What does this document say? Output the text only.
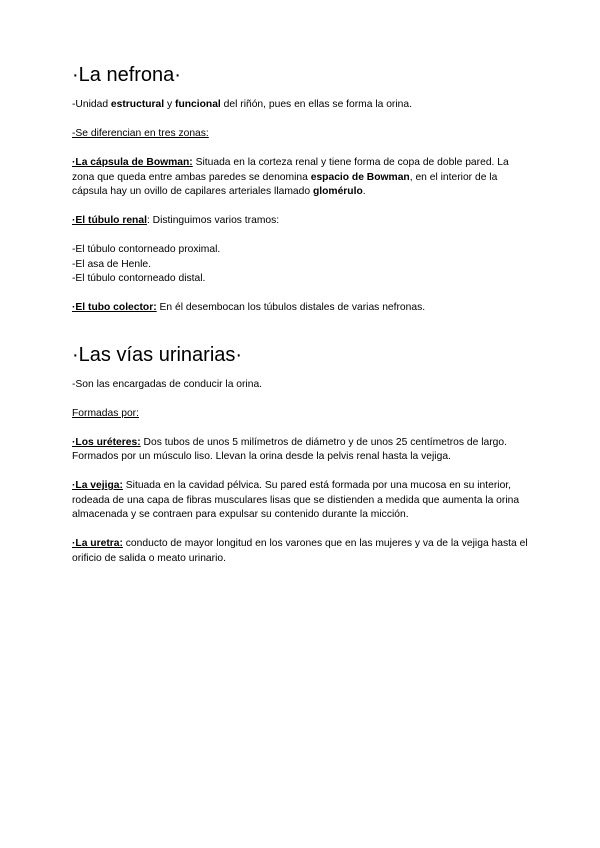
·La nefrona·

-Unidad estructural y funcional del riñón, pues en ellas se forma la orina.

-Se diferencian en tres zonas:

·La cápsula de Bowman: Situada en la corteza renal y tiene forma de copa de doble pared. La zona que queda entre ambas paredes se denomina espacio de Bowman, en el interior de la cápsula hay un ovillo de capilares arteriales llamado glomérulo.

·El túbulo renal: Distinguimos varios tramos:

-El túbulo contorneado proximal.

-El asa de Henle.

-El túbulo contorneado distal.

·El tubo colector: En él desembocan los túbulos distales de varias nefronas.

·Las vías urinarias·

-Son las encargadas de conducir la orina.

Formadas por:

·Los uréteres: Dos tubos de unos 5 milímetros de diámetro y de unos 25 centímetros de largo. Formados por un músculo liso. Llevan la orina desde la pelvis renal hasta la vejiga.

·La vejiga: Situada en la cavidad pélvica. Su pared está formada por una mucosa en su interior, rodeada de una capa de fibras musculares lisas que se distienden a medida que aumenta la orina almacenada y se contraen para expulsar su contenido durante la micción.

·La uretra: conducto de mayor longitud en los varones que en las mujeres y va de la vejiga hasta el orificio de salida o meato urinario.
